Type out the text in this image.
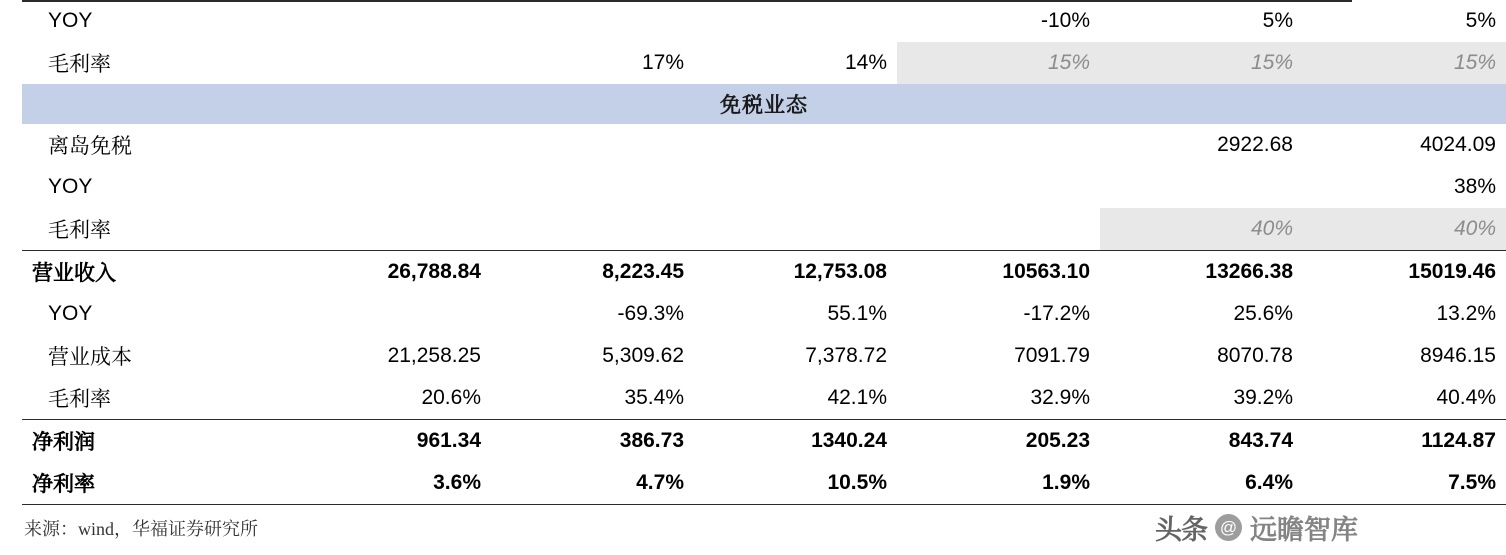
YOY				-10%	5%	5%
毛利率		17%	14%	15%	15%	15%
免税业态						
离岛免税					2922.68	4024.09
YOY						38%
毛利率					40%	40%
营业收入	26,788.84	8,223.45	12,753.08	10563.10	13266.38	15019.46
YOY		-69.3%	55.1%	-17.2%	25.6%	13.2%
营业成本	21,258.25	5,309.62	7,378.72	7091.79	8070.78	8946.15
毛利率	20.6%	35.4%	42.1%	32.9%	39.2%	40.4%
净利润	961.34	386.73	1340.24	205.23	843.74	1124.87
净利率	3.6%	4.7%	10.5%	1.9%	6.4%	7.5%
来源：wind，华福证券研究所	头条 @ 远瞻智库
